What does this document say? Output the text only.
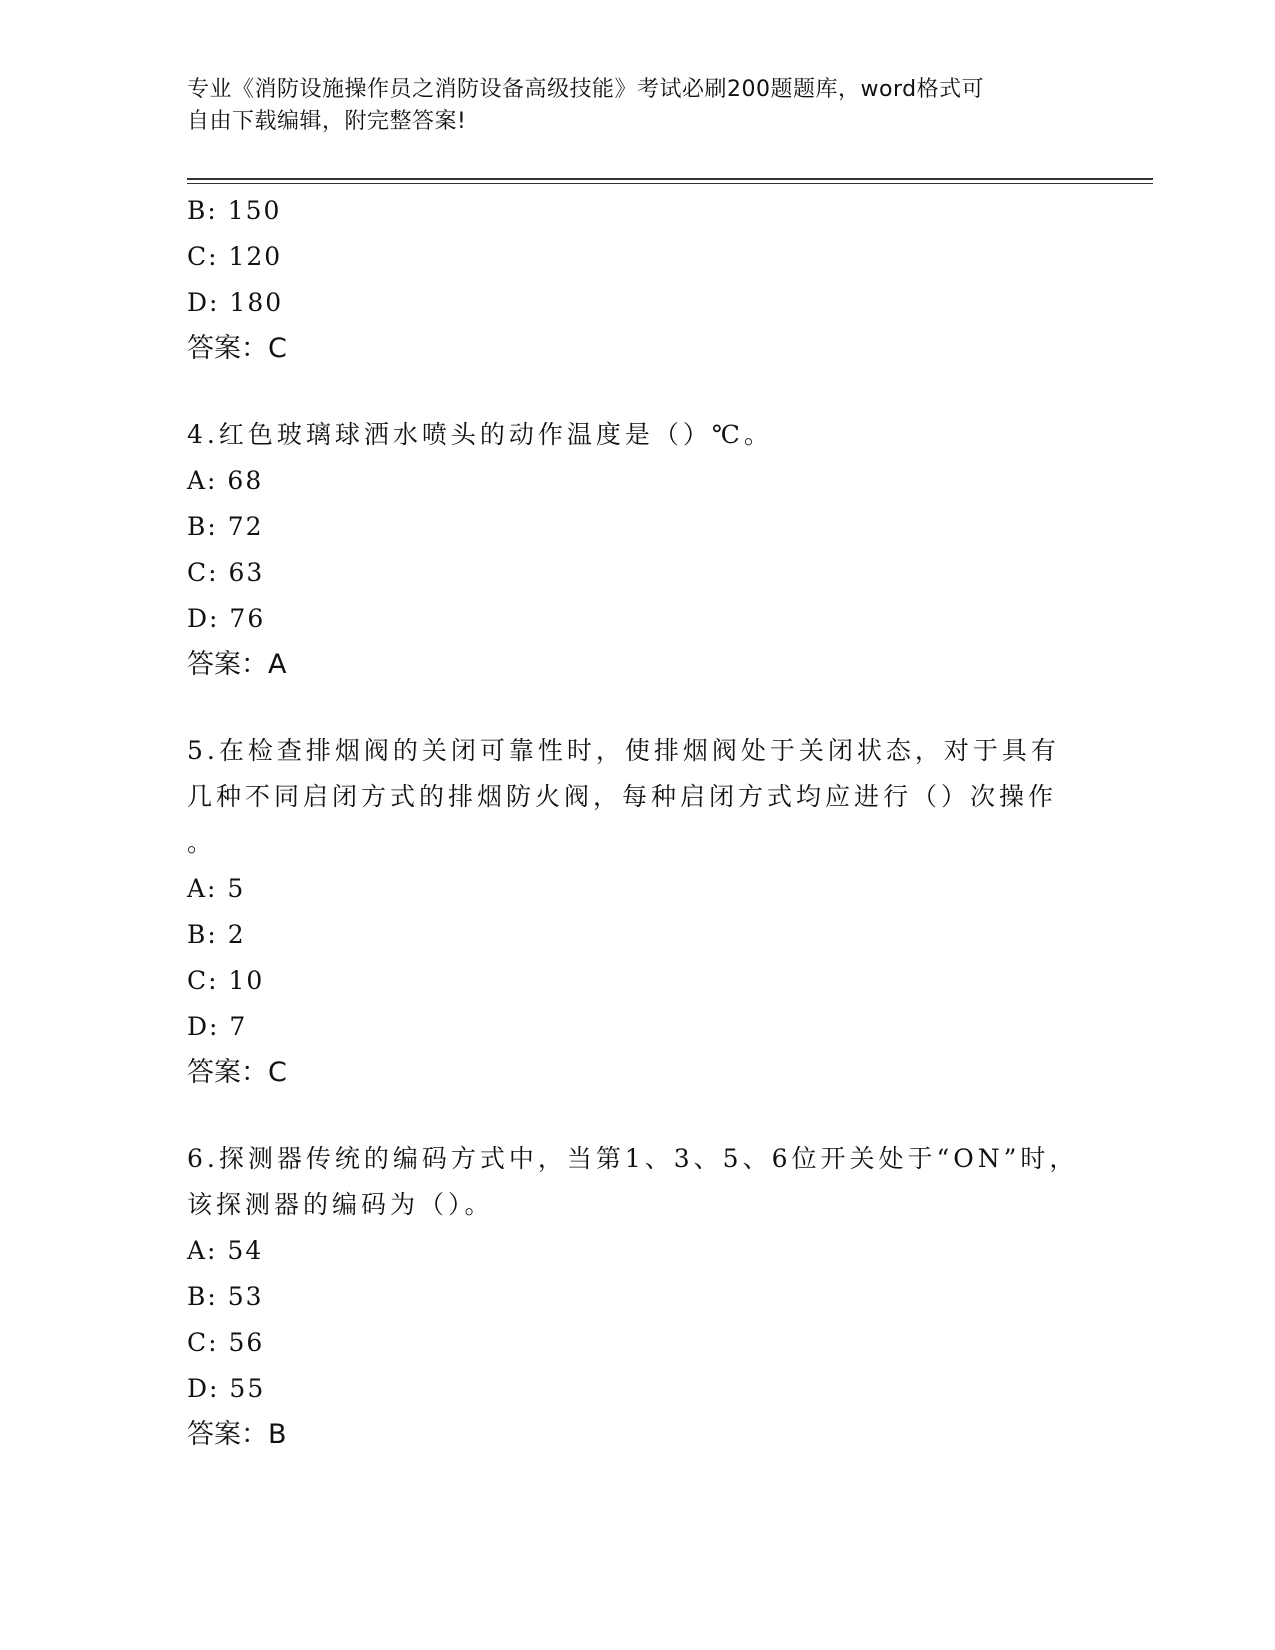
专业《消防设施操作员之消防设备高级技能》考试必刷200题题库，word格式可
自由下载编辑，附完整答案!
B: 150
C: 120
D: 180
答案：C
4.红色玻璃球洒水喷头的动作温度是（）℃。
A: 68
B: 72
C: 63
D: 76
答案：A
5.在检查排烟阀的关闭可靠性时，使排烟阀处于关闭状态，对于具有
几种不同启闭方式的排烟防火阀，每种启闭方式均应进行（）次操作
。
A: 5
B: 2
C: 10
D: 7
答案：C
6.探测器传统的编码方式中，当第1、3、5、6位开关处于“ON”时，
该探测器的编码为（）。
A: 54
B: 53
C: 56
D: 55
答案：B
